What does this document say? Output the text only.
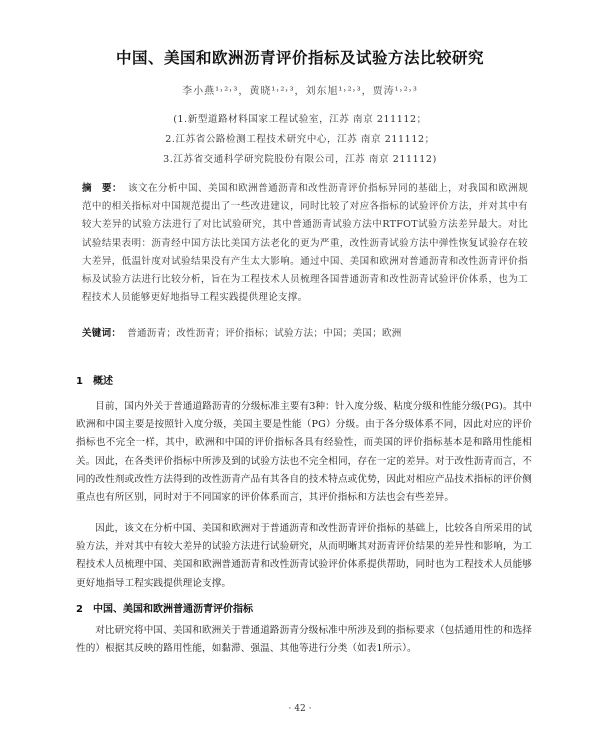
中国、美国和欧洲沥青评价指标及试验方法比较研究
李小燕¹˒²˒³，黄晓¹˒²˒³，刘东旭¹˒²˒³，贾涛¹˒²˒³
(1.新型道路材料国家工程试验室，江苏 南京 211112；
2.江苏省公路检测工程技术研究中心，江苏 南京 211112；
3.江苏省交通科学研究院股份有限公司，江苏 南京 211112)
摘　要： 该文在分析中国、美国和欧洲普通沥青和改性沥青评价指标异同的基础上，对我国和欧洲规范中的相关指标对中国规范提出了一些改进建议，同时比较了对应各指标的试验评价方法，并对其中有较大差异的试验方法进行了对比试验研究，其中普通沥青试验方法中RTFOT试验方法差异最大。对比试验结果表明：沥青经中国方法比美国方法老化的更为严重，改性沥青试验方法中弹性恢复试验存在较大差异，低温针度对试验结果没有产生太大影响。通过中国、美国和欧洲对普通沥青和改性沥青评价指标及试验方法进行比较分析，旨在为工程技术人员梳理各国普通沥青和改性沥青试验评价体系，也为工程技术人员能够更好地指导工程实践提供理论支撑。
关键词： 普通沥青；改性沥青；评价指标；试验方法；中国；美国；欧洲
1　概述
目前，国内外关于普通道路沥青的分级标准主要有3种：针入度分级、粘度分级和性能分级(PG)。其中欧洲和中国主要是按照针入度分级，美国主要是性能（PG）分级。由于各分级体系不同，因此对应的评价指标也不完全一样，其中，欧洲和中国的评价指标各具有经验性，而美国的评价指标基本是和路用性能相关。因此，在各类评价指标中所涉及到的试验方法也不完全相同，存在一定的差异。对于改性沥青而言，不同的改性剂或改性方法得到的改性沥青产品有其各自的技术特点或优势，因此对相应产品技术指标的评价侧重点也有所区别，同时对于不同国家的评价体系而言，其评价指标和方法也会有些差异。
因此，该文在分析中国、美国和欧洲对于普通沥青和改性沥青评价指标的基础上，比较各自所采用的试验方法，并对其中有较大差异的试验方法进行试验研究，从而明晰其对沥青评价结果的差异性和影响，为工程技术人员梳理中国、美国和欧洲普通沥青和改性沥青试验评价体系提供帮助，同时也为工程技术人员能够更好地指导工程实践提供理论支撑。
2　中国、美国和欧洲普通沥青评价指标
对比研究将中国、美国和欧洲关于普通道路沥青分级标准中所涉及到的指标要求（包括通用性的和选择性的）根据其反映的路用性能，如黏滞、强温、其他等进行分类（如表1所示）。
· 42 ·
